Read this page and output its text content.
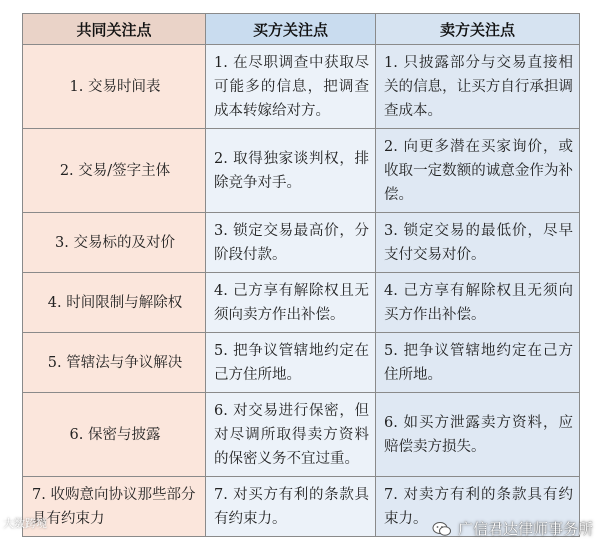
共同关注点	买方关注点	卖方关注点
1. 交易时间表	1. 在尽职调查中获取尽可能多的信息，把调查成本转嫁给对方。	1. 只披露部分与交易直接相关的信息，让买方自行承担调查成本。
2. 交易/签字主体	2. 取得独家谈判权，排除竞争对手。	2. 向更多潜在买家询价，或收取一定数额的诚意金作为补偿。
3. 交易标的及对价	3. 锁定交易最高价，分阶段付款。	3. 锁定交易的最低价，尽早支付交易对价。
4. 时间限制与解除权	4. 己方享有解除权且无须向卖方作出补偿。	4. 己方享有解除权且无须向买方作出补偿。
5. 管辖法与争议解决	5. 把争议管辖地约定在己方住所地。	5. 把争议管辖地约定在己方住所地。
6. 保密与披露	6. 对交易进行保密，但对尽调所取得卖方资料的保密义务不宜过重。	6. 如买方泄露卖方资料，应赔偿卖方损失。
7. 收购意向协议那些部分具有约束力	7. 对买方有利的条款具有约束力。	7. 对卖方有利的条款具有约束力。
大数跨境	广信君达律师事务所
